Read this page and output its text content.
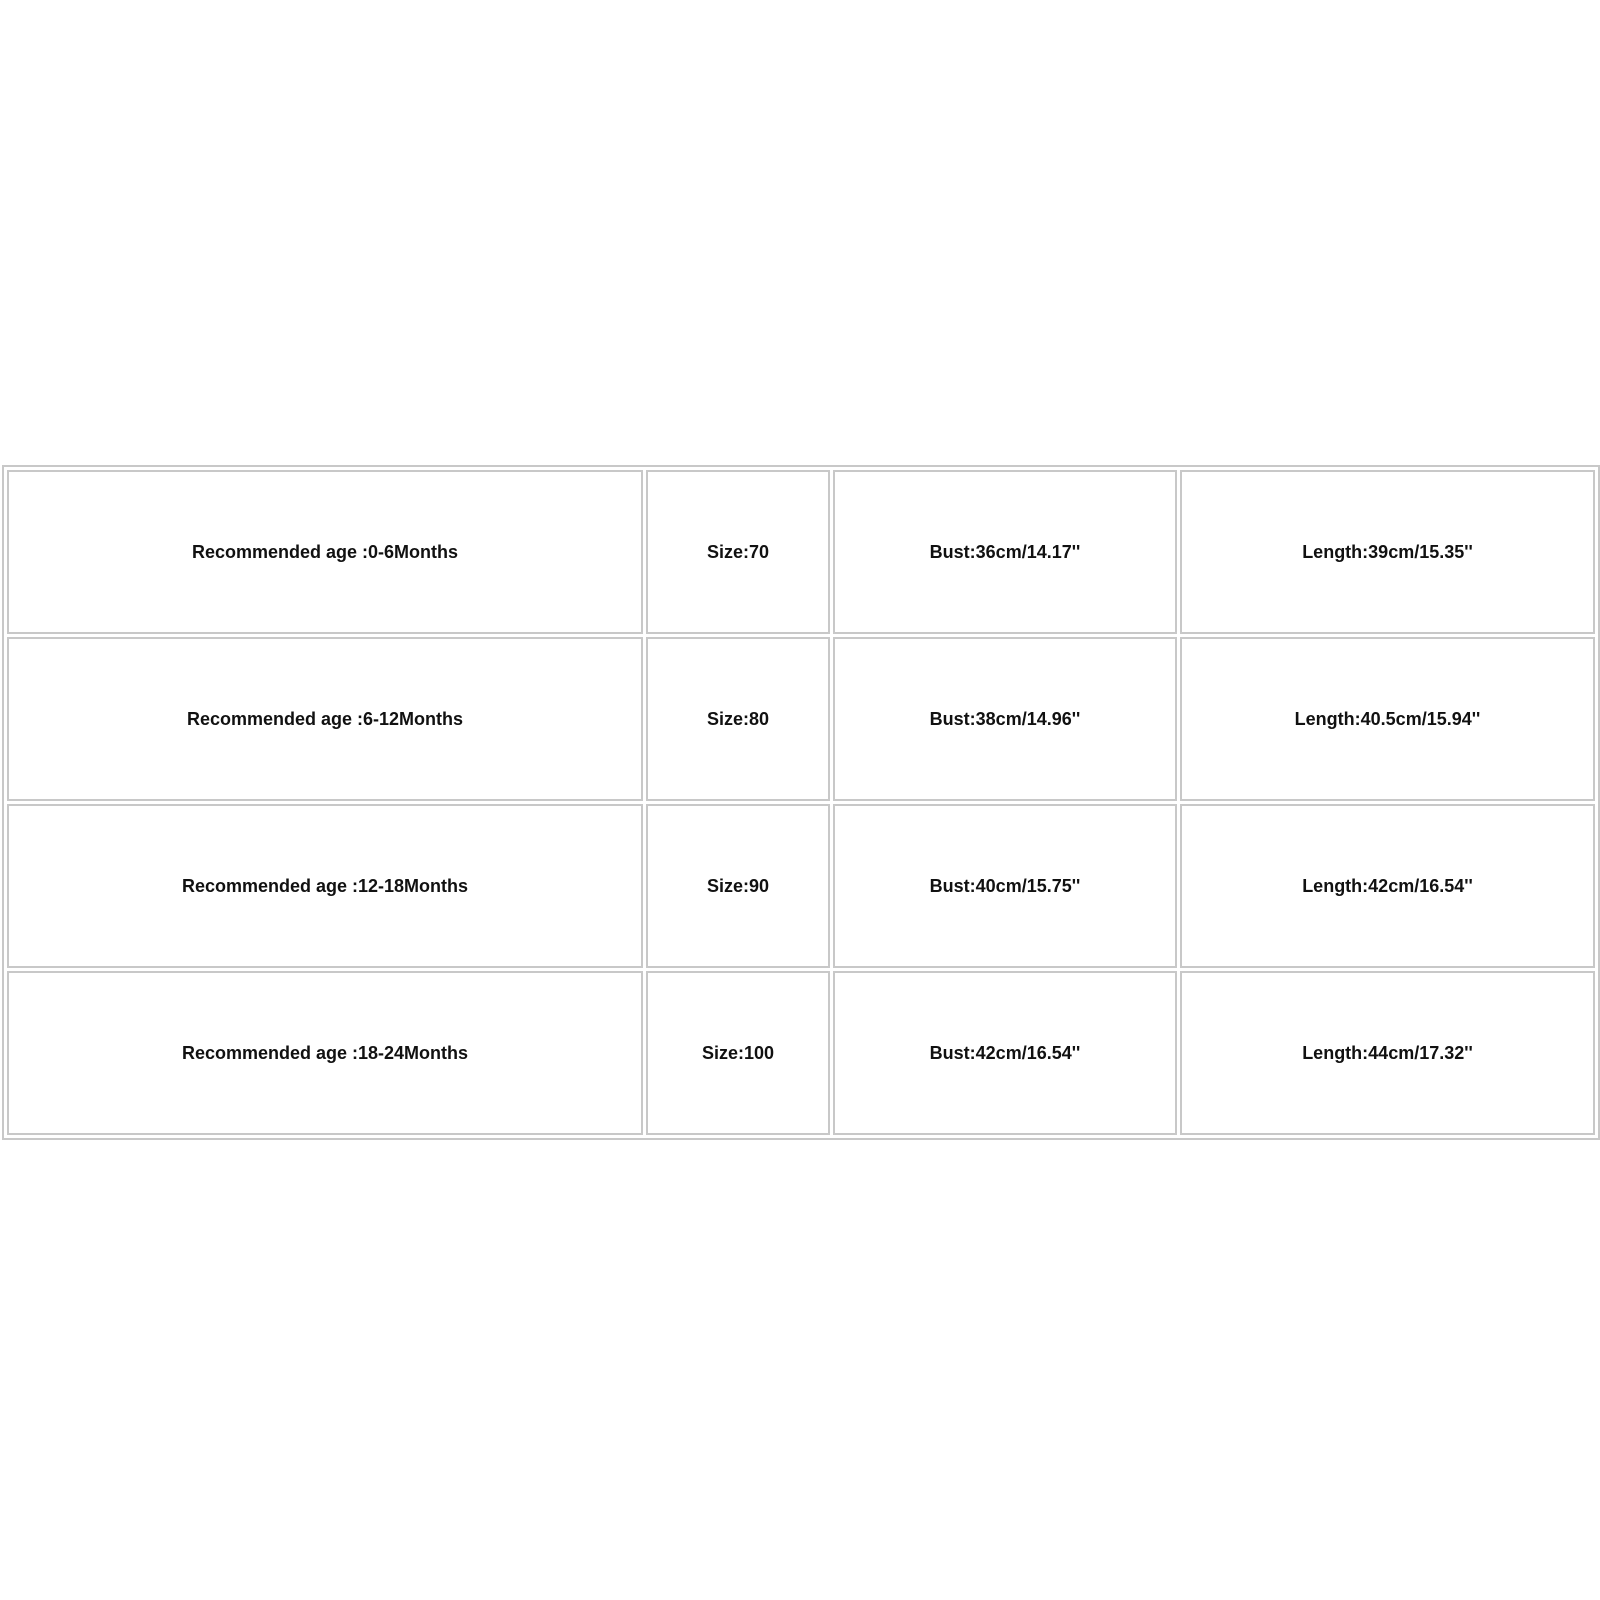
Recommended age :0-6Months	Size:70	Bust:36cm/14.17''	Length:39cm/15.35''
Recommended age :6-12Months	Size:80	Bust:38cm/14.96''	Length:40.5cm/15.94''
Recommended age :12-18Months	Size:90	Bust:40cm/15.75''	Length:42cm/16.54''
Recommended age :18-24Months	Size:100	Bust:42cm/16.54''	Length:44cm/17.32''
